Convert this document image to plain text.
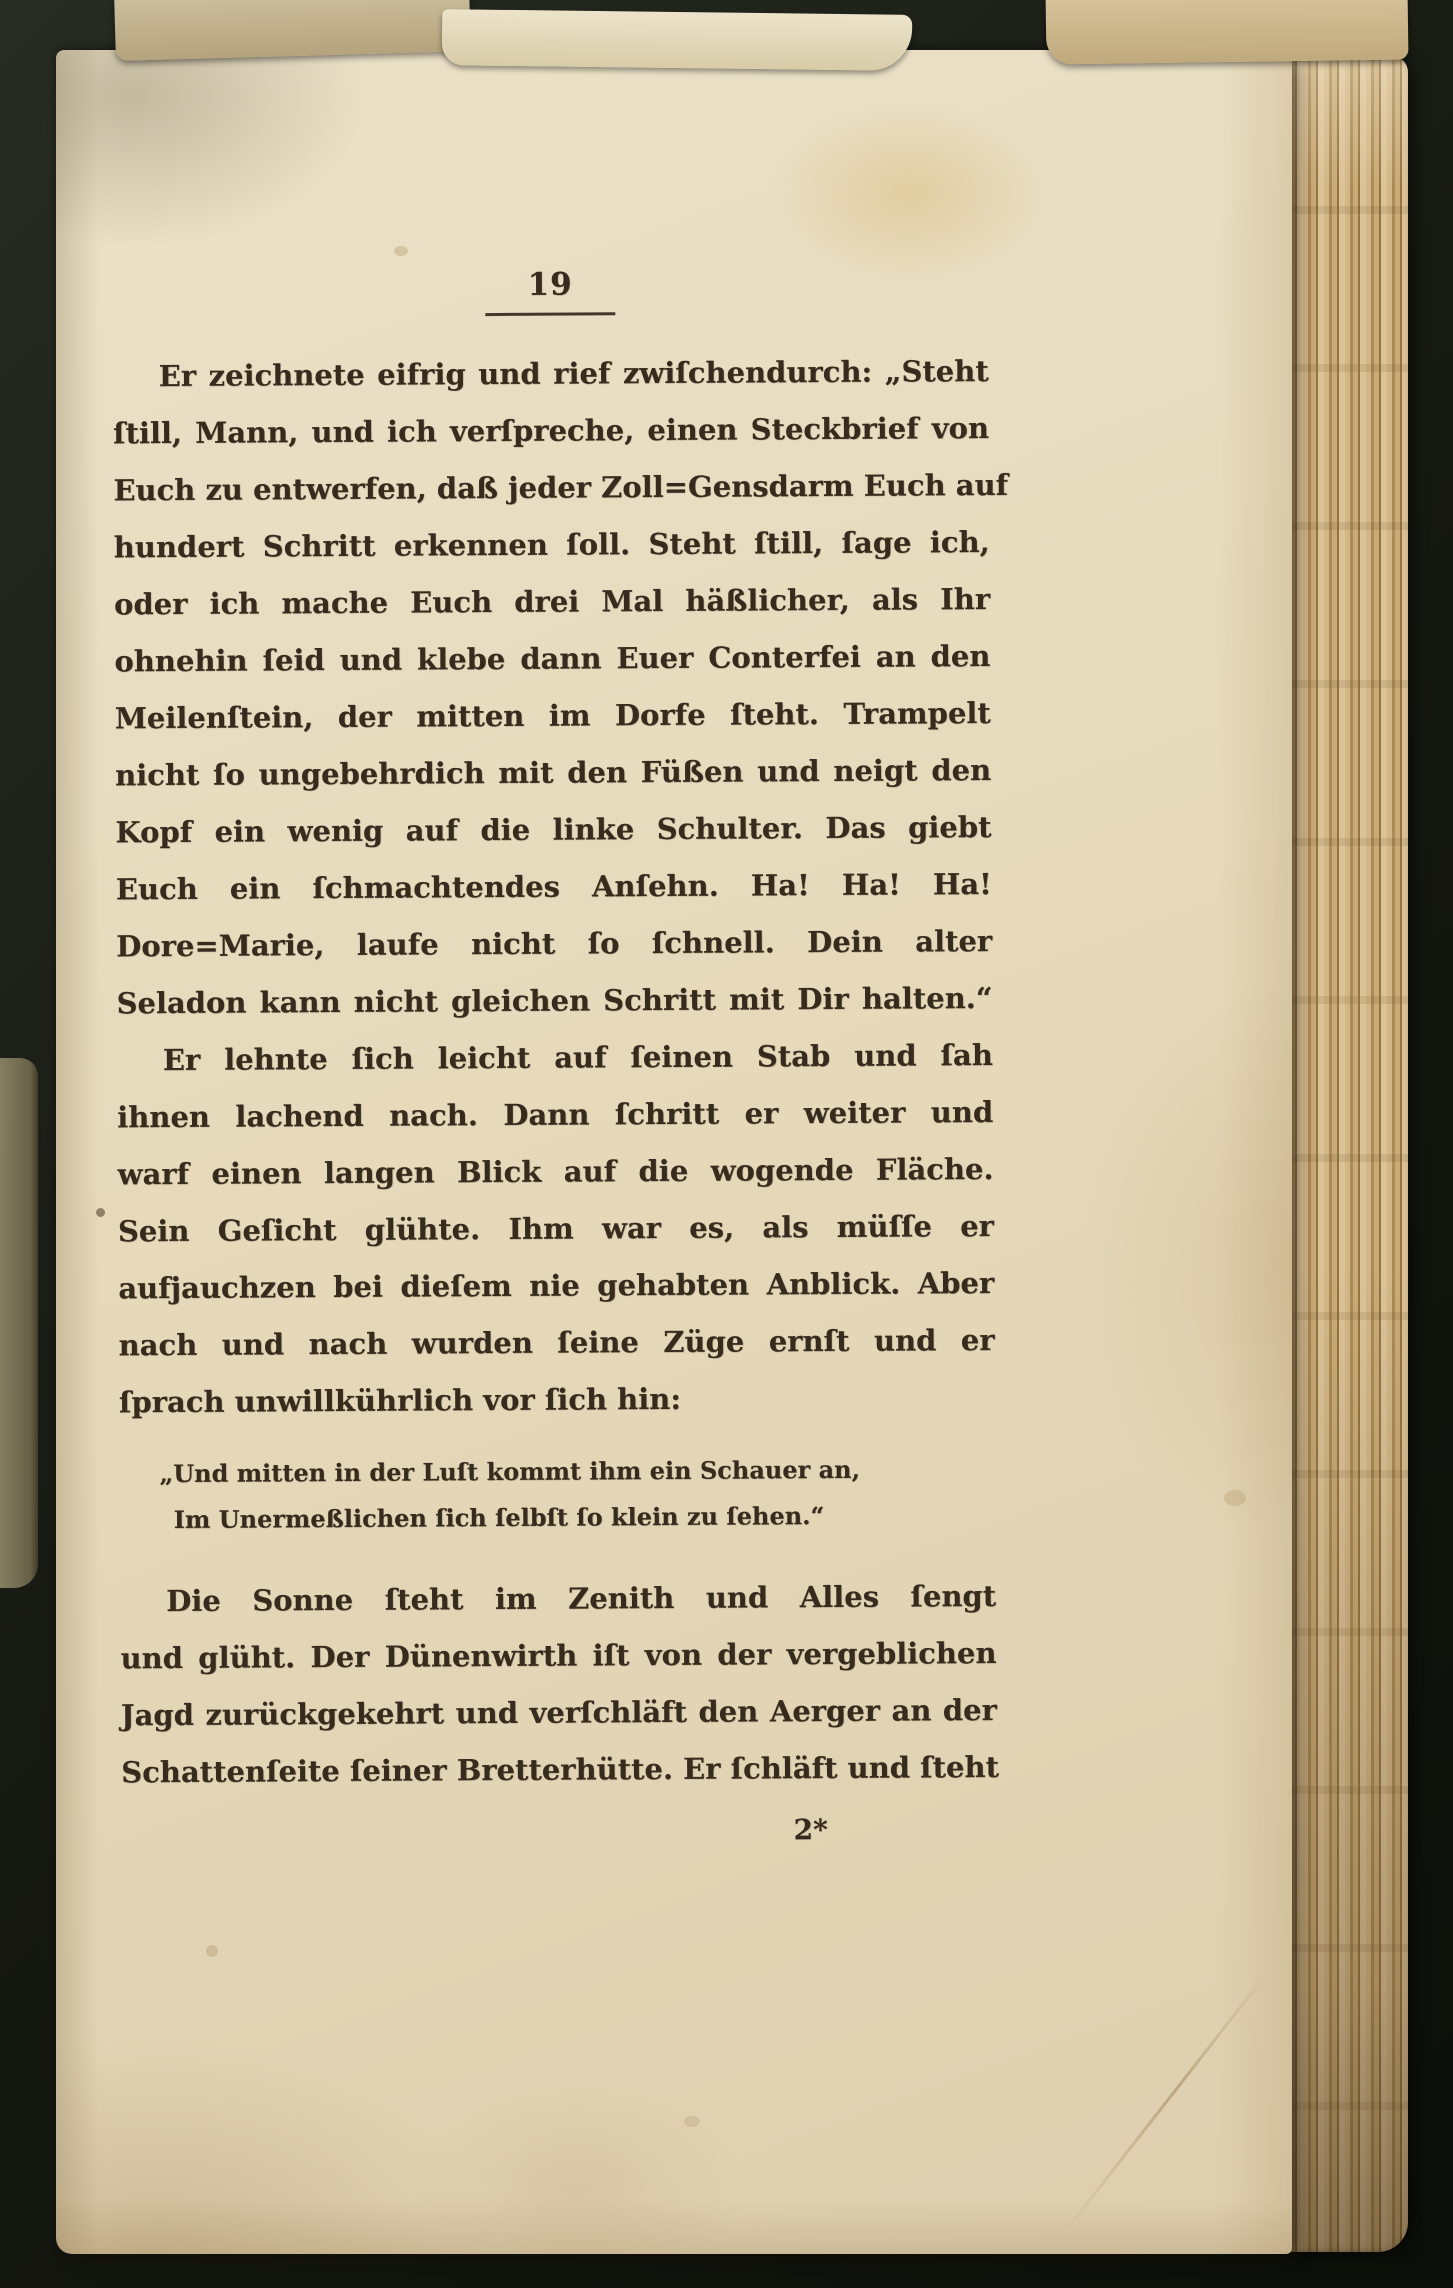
19
Er zeichnete eifrig und rief zwiſchendurch: „Steht
ſtill, Mann, und ich verſpreche, einen Steckbrief von
Euch zu entwerfen, daß jeder Zoll=Gensdarm Euch auf
hundert Schritt erkennen ſoll. Steht ſtill, ſage ich,
oder ich mache Euch drei Mal häßlicher, als Ihr
ohnehin ſeid und klebe dann Euer Conterfei an den
Meilenſtein, der mitten im Dorfe ſteht. Trampelt
nicht ſo ungebehrdich mit den Füßen und neigt den
Kopf ein wenig auf die linke Schulter. Das giebt
Euch ein ſchmachtendes Anſehn. Ha! Ha! Ha!
Dore=Marie, laufe nicht ſo ſchnell. Dein alter
Seladon kann nicht gleichen Schritt mit Dir halten.“
Er lehnte ſich leicht auf ſeinen Stab und ſah
ihnen lachend nach. Dann ſchritt er weiter und
warf einen langen Blick auf die wogende Fläche.
Sein Geſicht glühte. Ihm war es, als müſſe er
aufjauchzen bei dieſem nie gehabten Anblick. Aber
nach und nach wurden ſeine Züge ernſt und er
ſprach unwillkührlich vor ſich hin:
„Und mitten in der Luſt kommt ihm ein Schauer an,
Im Unermeßlichen ſich ſelbſt ſo klein zu ſehen.“
Die Sonne ſteht im Zenith und Alles ſengt
und glüht. Der Dünenwirth iſt von der vergeblichen
Jagd zurückgekehrt und verſchläft den Aerger an der
Schattenſeite ſeiner Bretterhütte. Er ſchläft und ſteht
2*
